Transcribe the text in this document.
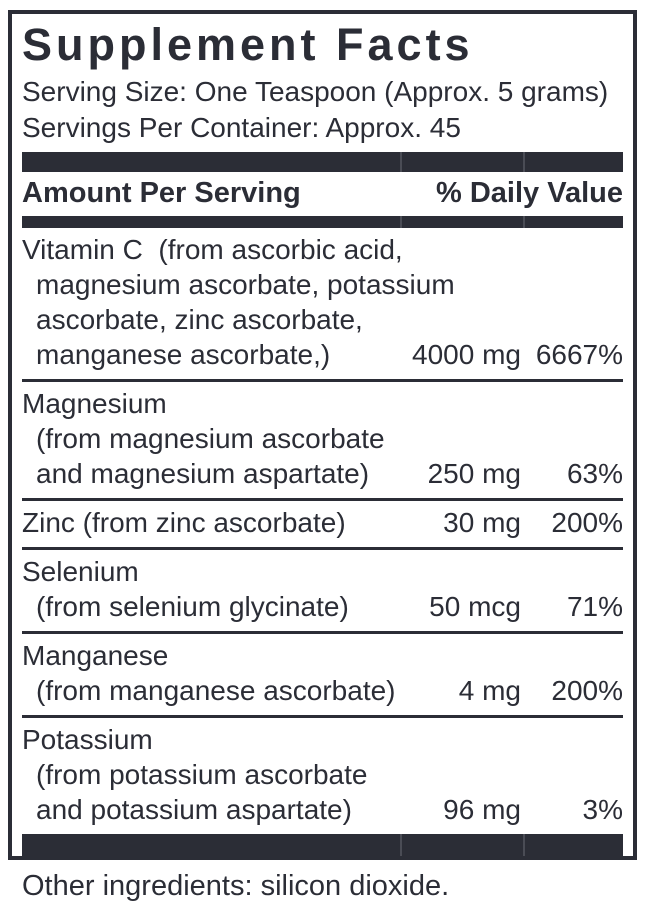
Supplement Facts
Serving Size: One Teaspoon (Approx. 5 grams)
Servings Per Container: Approx. 45
Amount Per Serving	% Daily Value
Vitamin C  (from ascorbic acid,
magnesium ascorbate, potassium
ascorbate, zinc ascorbate,
manganese ascorbate,)	4000 mg 6667%
Magnesium
(from magnesium ascorbate
and magnesium aspartate)	250 mg	63%
Zinc (from zinc ascorbate)	30 mg	200%
Selenium
(from selenium glycinate)	50 mcg	71%
Manganese
(from manganese ascorbate)	4 mg	200%
Potassium
(from potassium ascorbate
and potassium aspartate)	96 mg	3%
Other ingredients: silicon dioxide.
